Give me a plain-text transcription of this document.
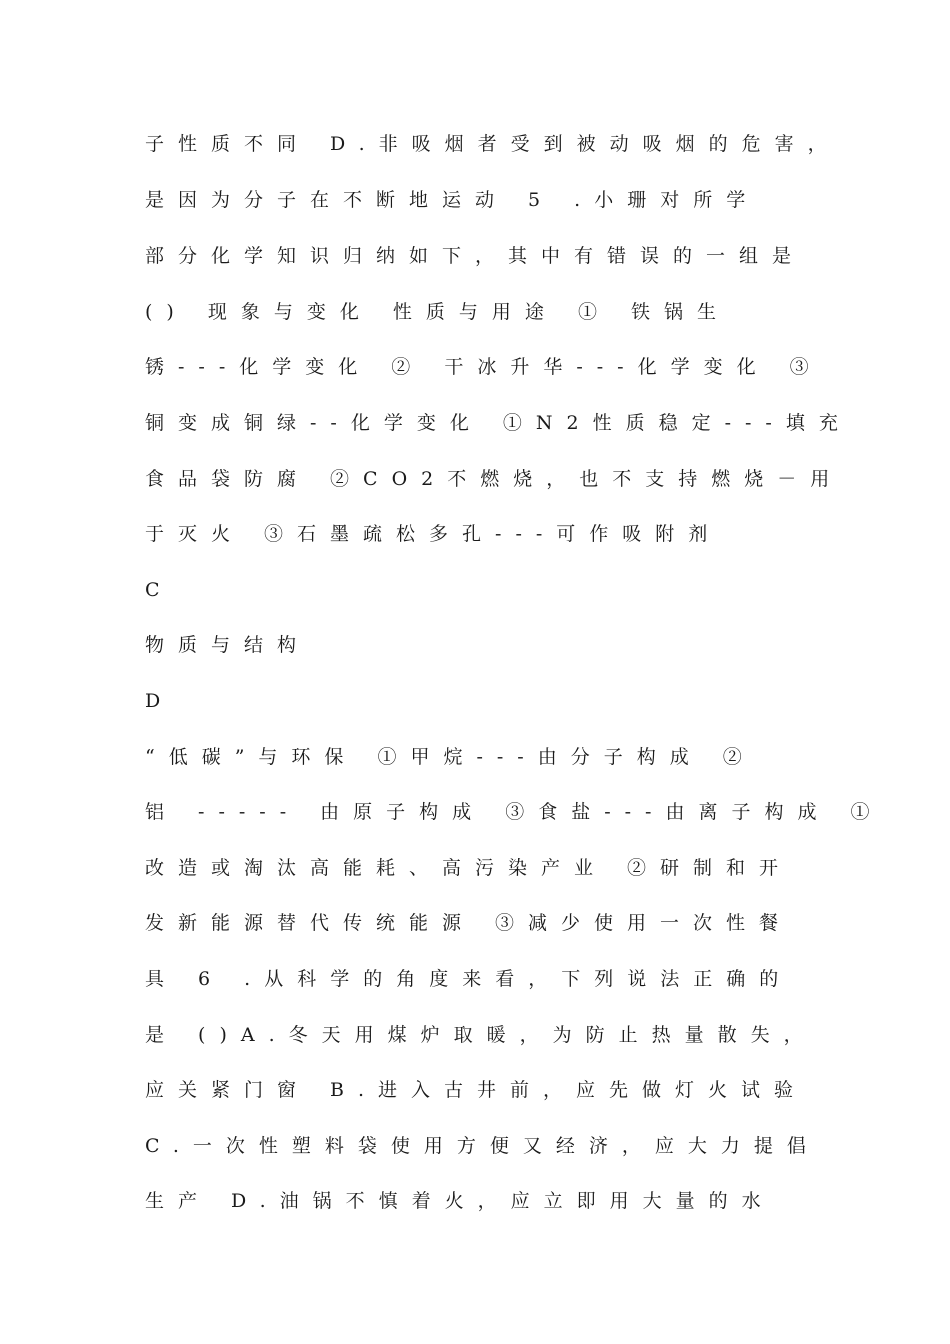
子性质不同 D.非吸烟者受到被动吸烟的危害，
是因为分子在不断地运动 5 .小珊对所学
部分化学知识归纳如下，其中有错误的一组是
() 现象与变化 性质与用途 ① 铁锅生
锈---化学变化 ② 干冰升华---化学变化 ③
铜变成铜绿--化学变化 ①N2性质稳定---填充
食品袋防腐 ②CO2不燃烧，也不支持燃烧－用
于灭火 ③石墨疏松多孔---可作吸附剂
C
物质与结构
D
“低碳”与环保 ①甲烷---由分子构成 ②
铝 ----- 由原子构成 ③食盐---由离子构成 ①
改造或淘汰高能耗、高污染产业 ②研制和开
发新能源替代传统能源 ③减少使用一次性餐
具 6 .从科学的角度来看，下列说法正确的
是 ()A.冬天用煤炉取暖，为防止热量散失，
应关紧门窗 B.进入古井前，应先做灯火试验
C.一次性塑料袋使用方便又经济，应大力提倡
生产 D.油锅不慎着火，应立即用大量的水
